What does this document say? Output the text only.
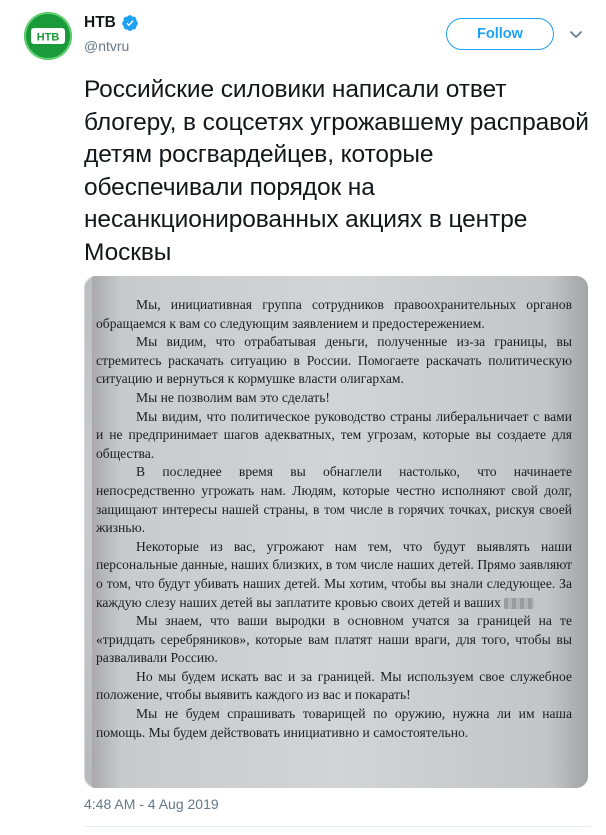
НТВ
НТВ
@ntvru
Follow

Российские силовики написали ответ блогеру, в соцсетях угрожавшему расправой детям росгвардейцев, которые обеспечивали порядок на несанкционированных акциях в центре Москвы

Мы, инициативная группа сотрудников правоохранительных органов обращаемся к вам со следующим заявлением и предостережением.

Мы видим, что отрабатывая деньги, полученные из-за границы, вы стремитесь раскачать ситуацию в России. Помогаете раскачать политическую ситуацию и вернуться к кормушке власти олигархам.

Мы не позволим вам это сделать!

Мы видим, что политическое руководство страны либеральничает с вами и не предпринимает шагов адекватных, тем угрозам, которые вы создаете для общества.

В последнее время вы обнаглели настолько, что начинаете непосредственно угрожать нам. Людям, которые честно исполняют свой долг, защищают интересы нашей страны, в том числе в горячих точках, рискуя своей жизнью.

Некоторые из вас, угрожают нам тем, что будут выявлять наши персональные данные, наших близких, в том числе наших детей. Прямо заявляют о том, что будут убивать наших детей. Мы хотим, чтобы вы знали следующее. За каждую слезу наших детей вы заплатите кровью своих детей и ваших

Мы знаем, что ваши выродки в основном учатся за границей на те «тридцать серебряников», которые вам платят наши враги, для того, чтобы вы разваливали Россию.

Но мы будем искать вас и за границей. Мы используем свое служебное положение, чтобы выявить каждого из вас и покарать!

Мы не будем спрашивать товарищей по оружию, нужна ли им наша помощь. Мы будем действовать инициативно и самостоятельно.

4:48 AM - 4 Aug 2019
